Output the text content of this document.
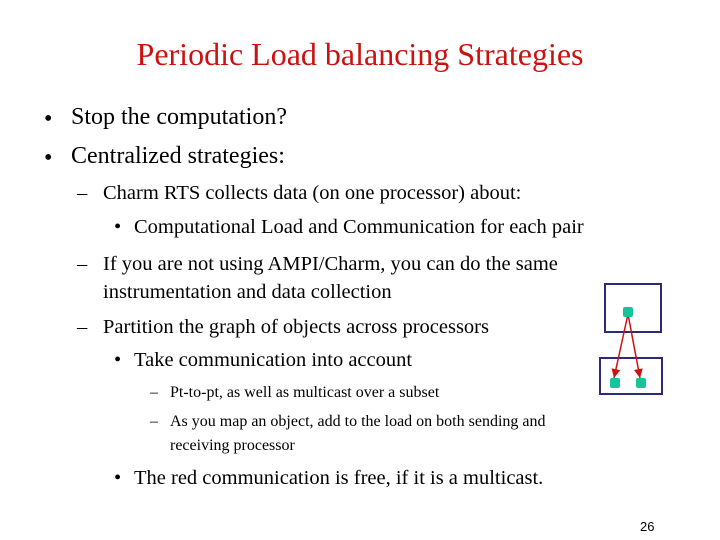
Periodic Load balancing Strategies
• Stop the computation?
• Centralized strategies:
– Charm RTS collects data (on one processor) about:
• Computational Load and Communication for each pair
– If you are not using AMPI/Charm, you can do the same
instrumentation and data collection
– Partition the graph of objects across processors
• Take communication into account
– Pt-to-pt, as well as multicast over a subset
– As you map an object, add to the load on both sending and
receiving processor
• The red communication is free, if it is a multicast.
26
